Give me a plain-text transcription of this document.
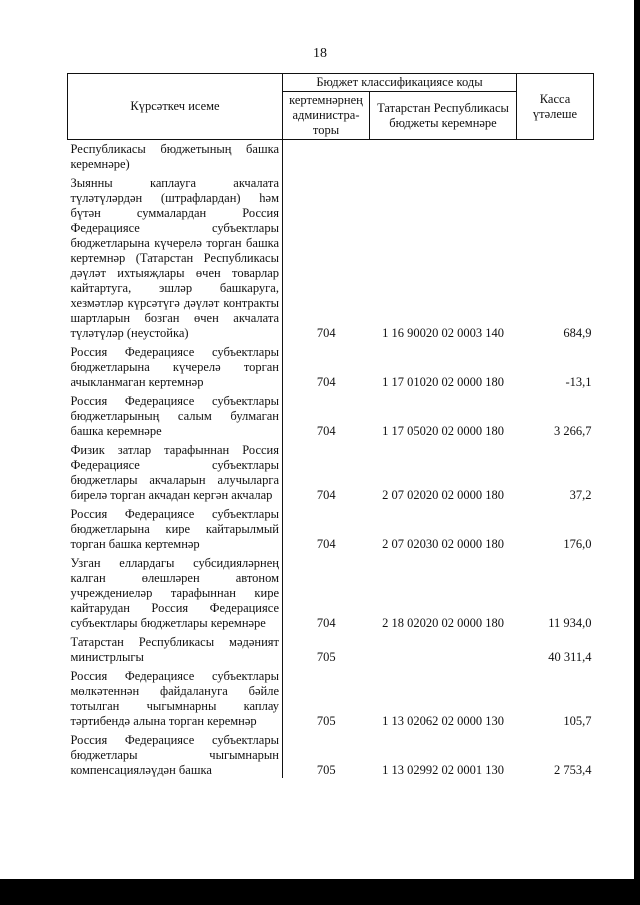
18
Күрсәткеч исеме	Бюджет классификациясе коды		Касса үтәлеше
	кертемнәрнең администра-торы	Татарстан Республикасы бюджеты керемнәре	
Республикасы бюджетының башка керемнәре)			
Зыянны каплауга акчалата түләтүләрдән (штрафлардан) һәм бүтән суммалардан Россия Федерациясе субъектлары бюджетларына күчерелә торган башка кертемнәр (Татарстан Республикасы дәүләт ихтыяҗлары өчен товарлар кайтартуга, эшләр башкаруга, хезмәтләр күрсәтүгә дәүләт контракты шартларын бозган өчен акчалата түләтүләр (неустойка)	704	1 16 90020 02 0003 140	684,9
Россия Федерациясе субъектлары бюджетларына күчерелә торган ачыкланмаган кертемнәр	704	1 17 01020 02 0000 180	-13,1
Россия Федерациясе субъектлары бюджетларының салым булмаган башка керемнәре	704	1 17 05020 02 0000 180	3 266,7
Физик затлар тарафыннан Россия Федерациясе субъектлары бюджетлары акчаларын алучыларга бирелә торган акчадан кергән акчалар	704	2 07 02020 02 0000 180	37,2
Россия Федерациясе субъектлары бюджетларына кире кайтарылмый торган башка кертемнәр	704	2 07 02030 02 0000 180	176,0
Узган еллардагы субсидияләрнең калган өлешләрен автоном учреждениеләр тарафыннан кире кайтарудан Россия Федерациясе субъектлары бюджетлары керемнәре	704	2 18 02020 02 0000 180	11 934,0
Татарстан Республикасы мәдәният министрлыгы	705		40 311,4
Россия Федерациясе субъектлары мөлкәтеннән файдалануга бәйле тотылган чыгымнарны каплау тәртибендә алына торган керемнәр	705	1 13 02062 02 0000 130	105,7
Россия Федерациясе субъектлары бюджетлары чыгымнарын компенсацияләүдән башка	705	1 13 02992 02 0001 130	2 753,4
